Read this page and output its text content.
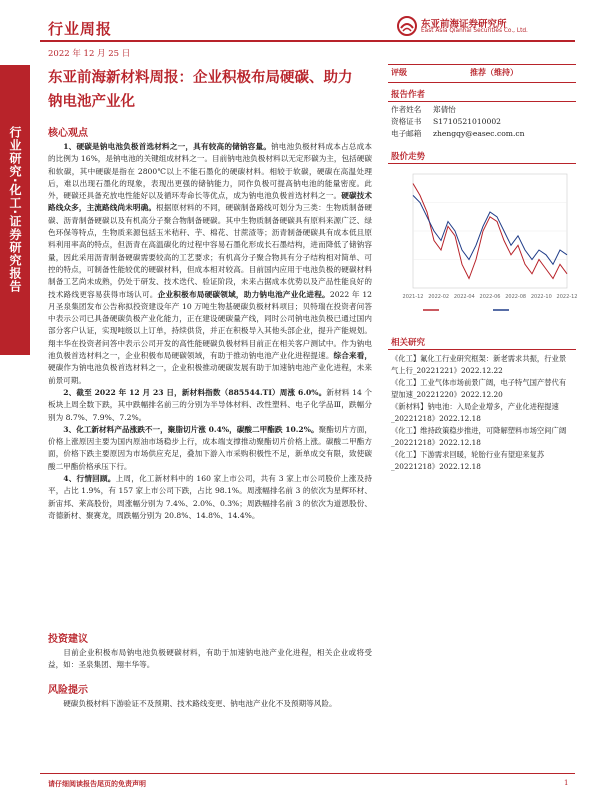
行业周报	东亚前海证券研究所
East Asia Qianhai Securities Co., Ltd.
2022 年 12 月 25 日
行业研究·化工·证券研究报告
东亚前海新材料周报：企业积极布局硬碳、助力钠电池产业化
核心观点

1、硬碳是钠电池负极首选材料之一，具有较高的储钠容量。钠电池负极材料成本占总成本的比例为 16%，是钠电池的关键组成材料之一。目前钠电池负极材料以无定形碳为主，包括硬碳和软碳，其中硬碳是指在 2800℃以上不能石墨化的硬碳材料。相较于软碳，硬碳在高温处理后，难以出现石墨化的现象，表现出更强的储钠能力，同作负极可提高钠电池的能量密度。此外，硬碳还具备充放电性能好以及循环寿命长等优点，成为钠电池负极首选材料之一。硬碳技术路线众多，主流路线尚未明确。根据原材料的不同，硬碳制备路线可划分为三类：生物质制备硬碳、沥青制备硬碳以及有机高分子聚合物制备硬碳。其中生物质制备硬碳具有原料来源广泛、绿色环保等特点，生物质来源包括玉米秸秆、芋、棉花、甘蔗渣等；沥青制备硬碳具有成本低且原料利用率高的特点，但沥青在高温碳化的过程中容易石墨化形成长石墨结构，进而降低了储钠容量，因此采用沥青制备硬碳需要较高的工艺要求；有机高分子聚合物具有分子结构相对简单、可控的特点，可制备性能较优的硬碳材料，但成本相对较高。目前国内应用于电池负极的硬碳材料制备工艺尚未成熟，仍处于研发、技术迭代、验证阶段，未来占据成本优势以及产品性能良好的技术路线更容易获得市场认可。企业积极布局硬碳领域，助力钠电池产业化进程。2022 年 12 月圣泉集团发布公告称拟投资建设年产 10 万吨生物基硬碳负极材料项目；贝特瑞在投资者问答中表示公司已具备硬碳负极产业化能力，正在建设硬碳量产线，同时公司钠电池负极已通过国内部分客户认证，实现吨级以上订单，持续供货，并正在积极导入其他头部企业，提升产能规划。翔丰华在投资者问答中表示公司开发的高性能硬碳负极材料目前正在相关客户测试中。作为钠电池负极首选材料之一，企业积极布局硬碳领域，有助于推动钠电池产业化进程提速。综合来看，硬碳作为钠电池负极首选材料之一，企业积极推动硬碳发展有助于加速钠电池产业化进程，未来前景可期。

2、截至 2022 年 12 月 23 日，新材料指数（885544.TI）周涨 6.0%。新材料 14 个板块上周全数下跌，其中跌幅排名前三的分别为半导体材料、改性塑料、电子化学品Ⅲ，跌幅分别为 8.7%、7.9%、7.2%。

3、化工新材料产品涨跌不一，聚脂切片涨 0.4%，碳酸二甲酯跌 10.2%。聚酯切片方面，价格上涨原因主要为国内原油市场稳步上行，成本端支撑推动聚酯切片价格上涨。碳酸二甲酯方面，价格下跌主要原因为市场供应充足，叠加下游入市采购积极性不足，新单成交有限，致使碳酸二甲酯价格承压下行。

4、行情回顾。上周，化工新材料中的 160 家上市公司，共有 3 家上市公司股价上涨及持平，占比 1.9%，有 157 家上市公司下跌，占比 98.1%。周涨幅排名前 3 的依次为星辉环材、新宙邦、莱高股份，周涨幅分别为 7.4%、2.0%、0.3%；周跌幅排名前 3 的依次为道恩股份、奇德新材、聚赛龙，周跌幅分别为 20.8%、14.8%、14.4%。

投资建议

目前企业积极布局钠电池负极硬碳材料，有助于加速钠电池产业化进程，相关企业或将受益，如：圣泉集团、翔丰华等。

风险提示

硬碳负极材料下游验证不及预期、技术路线变更、钠电池产业化不及预期等风险。

评级	推荐（维持）
报告作者
作者姓名 郑倩怡
资格证书 S1710521010002
电子邮箱 zhengqy@easec.com.cn
股价走势
2021-12 2022-02 2022-04 2022-06 2022-08 2022-10 2022-12
相关研究
《化工】氟化工行业研究框架：新老需求共振，行业景气上行_20221221》2022.12.22
《化工】工业气体市场前景广阔，电子特气国产替代有望加速_20221220》2022.12.20
《新材料】钠电池：入局企业增多，产业化进程提速_20221218》2022.12.18
《化工】维持政策稳步推进，可降解塑料市场空间广阔_20221218》2022.12.18
《化工】下游需求回暖，轮胎行业有望迎来复苏_20221218》2022.12.18
请仔细阅读报告尾页的免责声明	1
